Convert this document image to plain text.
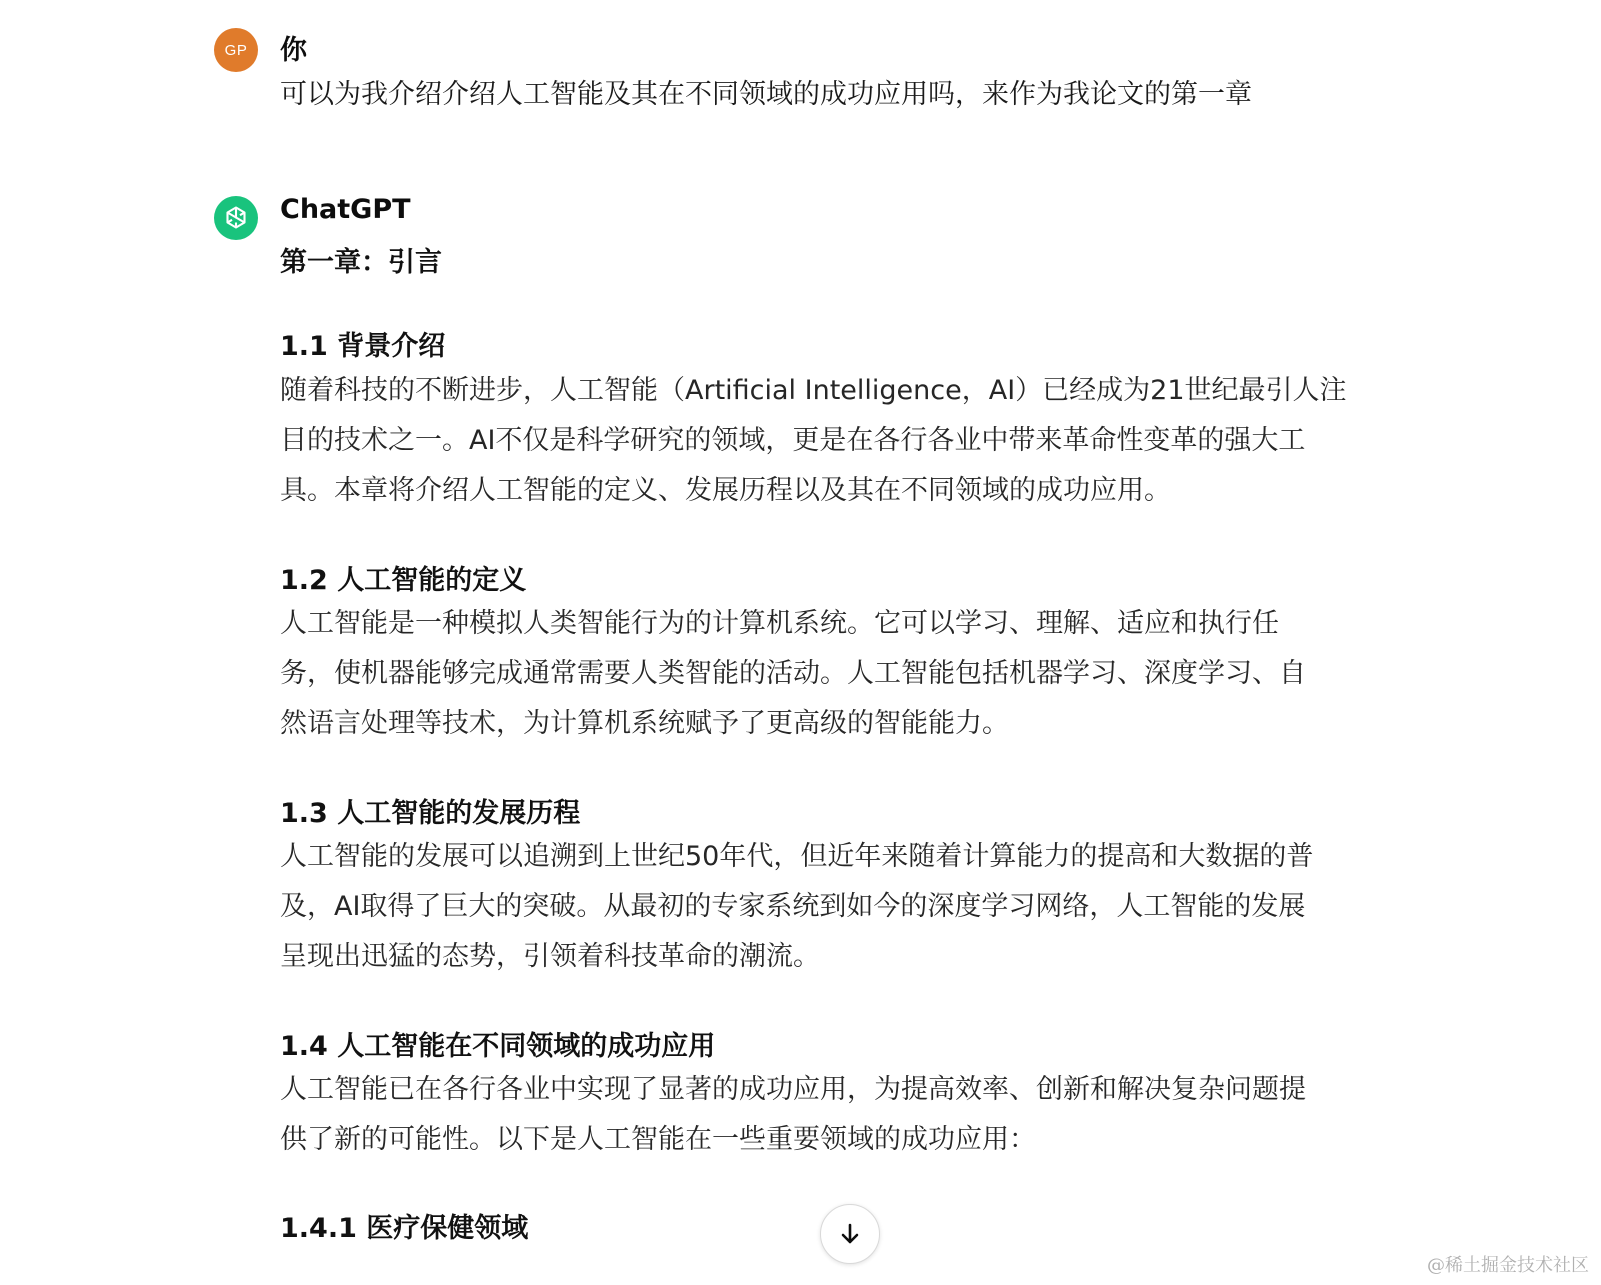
GP 你
可以为我介绍介绍人工智能及其在不同领域的成功应用吗，来作为我论文的第一章
ChatGPT
第一章：引言
1.1 背景介绍
随着科技的不断进步，人工智能（Artificial Intelligence，AI）已经成为21世纪最引人注
目的技术之一。AI不仅是科学研究的领域，更是在各行各业中带来革命性变革的强大工
具。本章将介绍人工智能的定义、发展历程以及其在不同领域的成功应用。
1.2 人工智能的定义
人工智能是一种模拟人类智能行为的计算机系统。它可以学习、理解、适应和执行任
务，使机器能够完成通常需要人类智能的活动。人工智能包括机器学习、深度学习、自
然语言处理等技术，为计算机系统赋予了更高级的智能能力。
1.3 人工智能的发展历程
人工智能的发展可以追溯到上世纪50年代，但近年来随着计算能力的提高和大数据的普
及，AI取得了巨大的突破。从最初的专家系统到如今的深度学习网络，人工智能的发展
呈现出迅猛的态势，引领着科技革命的潮流。
1.4 人工智能在不同领域的成功应用
人工智能已在各行各业中实现了显著的成功应用，为提高效率、创新和解决复杂问题提
供了新的可能性。以下是人工智能在一些重要领域的成功应用：
1.4.1 医疗保健领域
@稀土掘金技术社区
